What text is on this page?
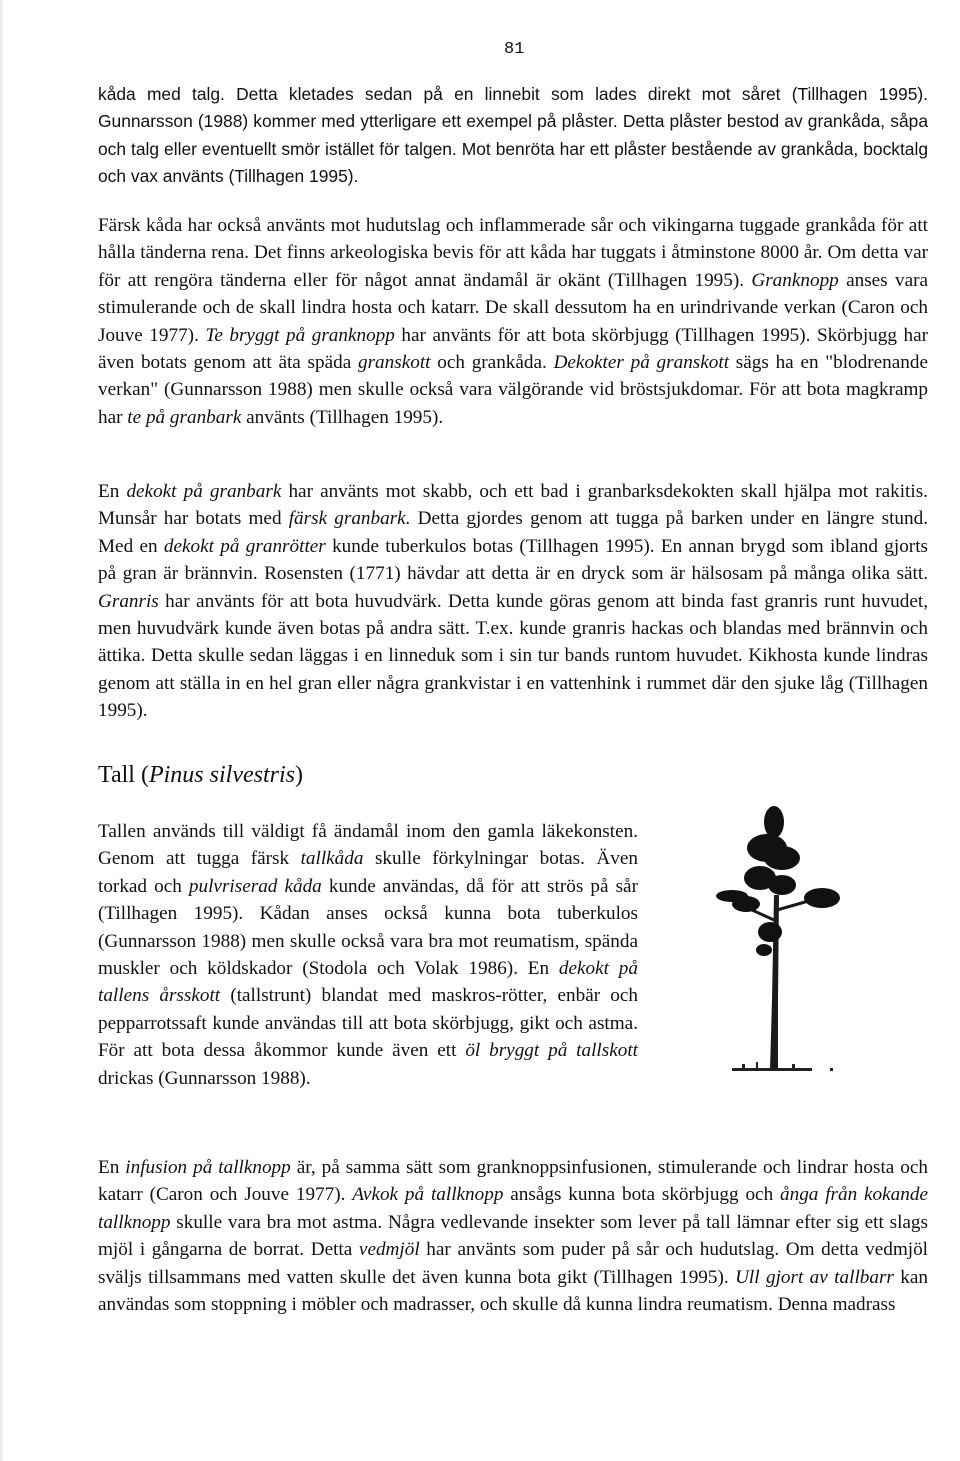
81

kåda med talg. Detta kletades sedan på en linnebit som lades direkt mot såret (Tillhagen 1995). Gunnarsson (1988) kommer med ytterligare ett exempel på plåster. Detta plåster bestod av grankåda, såpa och talg eller eventuellt smör istället för talgen. Mot benröta har ett plåster bestående av grankåda, bocktalg och vax använts (Tillhagen 1995).

Färsk kåda har också använts mot hudutslag och inflammerade sår och vikingarna tuggade grankåda för att hålla tänderna rena. Det finns arkeologiska bevis för att kåda har tuggats i åtminstone 8000 år. Om detta var för att rengöra tänderna eller för något annat ändamål är okänt (Tillhagen 1995). Granknopp anses vara stimulerande och de skall lindra hosta och katarr. De skall dessutom ha en urindrivande verkan (Caron och Jouve 1977). Te bryggt på granknopp har använts för att bota skörbjugg (Tillhagen 1995). Skörbjugg har även botats genom att äta späda granskott och grankåda. Dekokter på granskott sägs ha en "blodrenande verkan" (Gunnarsson 1988) men skulle också vara välgörande vid bröstsjukdomar. För att bota magkramp har te på granbark använts (Tillhagen 1995).

En dekokt på granbark har använts mot skabb, och ett bad i granbarksdekokten skall hjälpa mot rakitis. Munsår har botats med färsk granbark. Detta gjordes genom att tugga på barken under en längre stund. Med en dekokt på granrötter kunde tuberkulos botas (Tillhagen 1995). En annan brygd som ibland gjorts på gran är brännvin. Rosensten (1771) hävdar att detta är en dryck som är hälsosam på många olika sätt. Granris har använts för att bota huvudvärk. Detta kunde göras genom att binda fast granris runt huvudet, men huvudvärk kunde även botas på andra sätt. T.ex. kunde granris hackas och blandas med brännvin och ättika. Detta skulle sedan läggas i en linneduk som i sin tur bands runtom huvudet. Kikhosta kunde lindras genom att ställa in en hel gran eller några grankvistar i en vattenhink i rummet där den sjuke låg (Tillhagen 1995).

Tall (Pinus silvestris)

Tallen används till väldigt få ändamål inom den gamla läkekonsten. Genom att tugga färsk tallkåda skulle förkylningar botas. Även torkad och pulvriserad kåda kunde användas, då för att strös på sår (Tillhagen 1995). Kådan anses också kunna bota tuberkulos (Gunnarsson 1988) men skulle också vara bra mot reumatism, spända muskler och köldskador (Stodola och Volak 1986). En dekokt på tallens årsskott (tallstrunt) blandat med maskros-rötter, enbär och pepparrotssaft kunde användas till att bota skörbjugg, gikt och astma. För att bota dessa åkommor kunde även ett öl bryggt på tallskott drickas (Gunnarsson 1988).

En infusion på tallknopp är, på samma sätt som granknoppsinfusionen, stimulerande och lindrar hosta och katarr (Caron och Jouve 1977). Avkok på tallknopp ansågs kunna bota skörbjugg och ånga från kokande tallknopp skulle vara bra mot astma. Några vedlevande insekter som lever på tall lämnar efter sig ett slags mjöl i gångarna de borrat. Detta vedmjöl har använts som puder på sår och hudutslag. Om detta vedmjöl sväljs tillsammans med vatten skulle det även kunna bota gikt (Tillhagen 1995). Ull gjort av tallbarr kan användas som stoppning i möbler och madrasser, och skulle då kunna lindra reumatism. Denna madrass
